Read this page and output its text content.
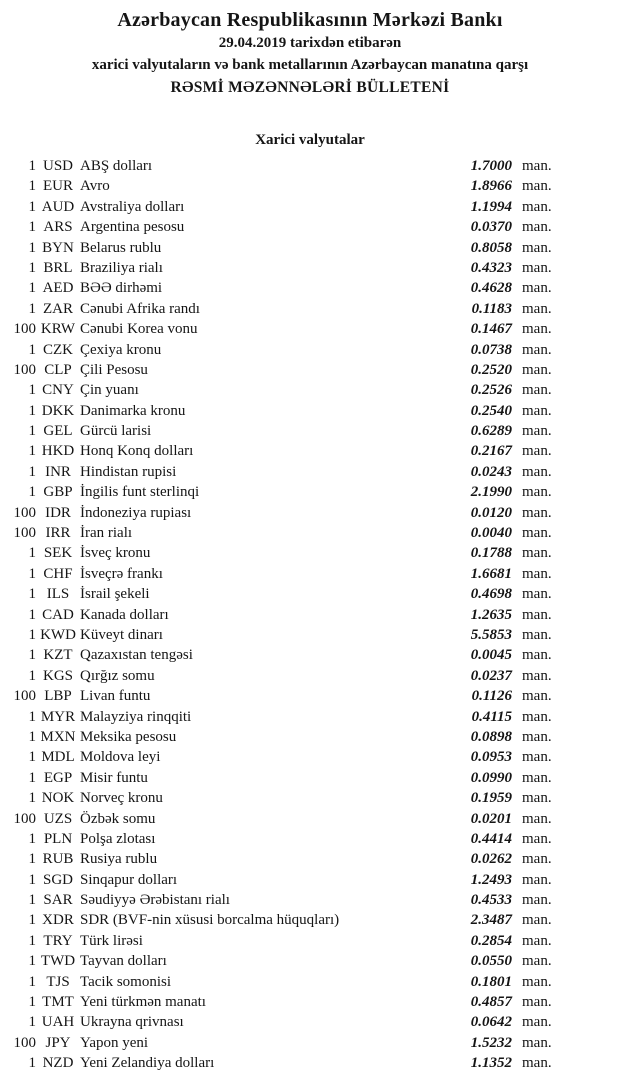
Azərbaycan Respublikasının Mərkəzi Bankı
29.04.2019 tarixdən etibarən
xarici valyutaların və bank metallarının Azərbaycan manatına qarşı
RƏSMİ MƏZƏNNƏLƏRİ BÜLLETENİ
Xarici valyutalar
1 USD ABŞ dolları	1.7000 man.
1 EUR Avro	1.8966 man.
1 AUD Avstraliya dolları	1.1994 man.
1 ARS Argentina pesosu	0.0370 man.
1 BYN Belarus rublu	0.8058 man.
1 BRL Braziliya rialı	0.4323 man.
1 AED BƏƏ dirhəmi	0.4628 man.
1 ZAR Cənubi Afrika randı	0.1183 man.
100 KRW Cənubi Korea vonu	0.1467 man.
1 CZK Çexiya kronu	0.0738 man.
100 CLP Çili Pesosu	0.2520 man.
1 CNY Çin yuanı	0.2526 man.
1 DKK Danimarka kronu	0.2540 man.
1 GEL Gürcü larisi	0.6289 man.
1 HKD Honq Konq dolları	0.2167 man.
1 INR Hindistan rupisi	0.0243 man.
1 GBP İngilis funt sterlinqi	2.1990 man.
100 IDR İndoneziya rupiası	0.0120 man.
100 IRR İran rialı	0.0040 man.
1 SEK İsveç kronu	0.1788 man.
1 CHF İsveçrə frankı	1.6681 man.
1 ILS İsrail şekeli	0.4698 man.
1 CAD Kanada dolları	1.2635 man.
1 KWD Küveyt dinarı	5.5853 man.
1 KZT Qazaxıstan tengəsi	0.0045 man.
1 KGS Qırğız somu	0.0237 man.
100 LBP Livan funtu	0.1126 man.
1 MYR Malayziya rinqqiti	0.4115 man.
1 MXN Meksika pesosu	0.0898 man.
1 MDL Moldova leyi	0.0953 man.
1 EGP Misir funtu	0.0990 man.
1 NOK Norveç kronu	0.1959 man.
100 UZS Özbək somu	0.0201 man.
1 PLN Polşa zlotası	0.4414 man.
1 RUB Rusiya rublu	0.0262 man.
1 SGD Sinqapur dolları	1.2493 man.
1 SAR Səudiyyə Ərəbistanı rialı	0.4533 man.
1 XDR SDR (BVF-nin xüsusi borcalma hüquqları)	2.3487 man.
1 TRY Türk lirəsi	0.2854 man.
1 TWD Tayvan dolları	0.0550 man.
1 TJS Tacik somonisi	0.1801 man.
1 TMT Yeni türkmən manatı	0.4857 man.
1 UAH Ukrayna qrivnası	0.0642 man.
100 JPY Yapon yeni	1.5232 man.
1 NZD Yeni Zelandiya dolları	1.1352 man.
